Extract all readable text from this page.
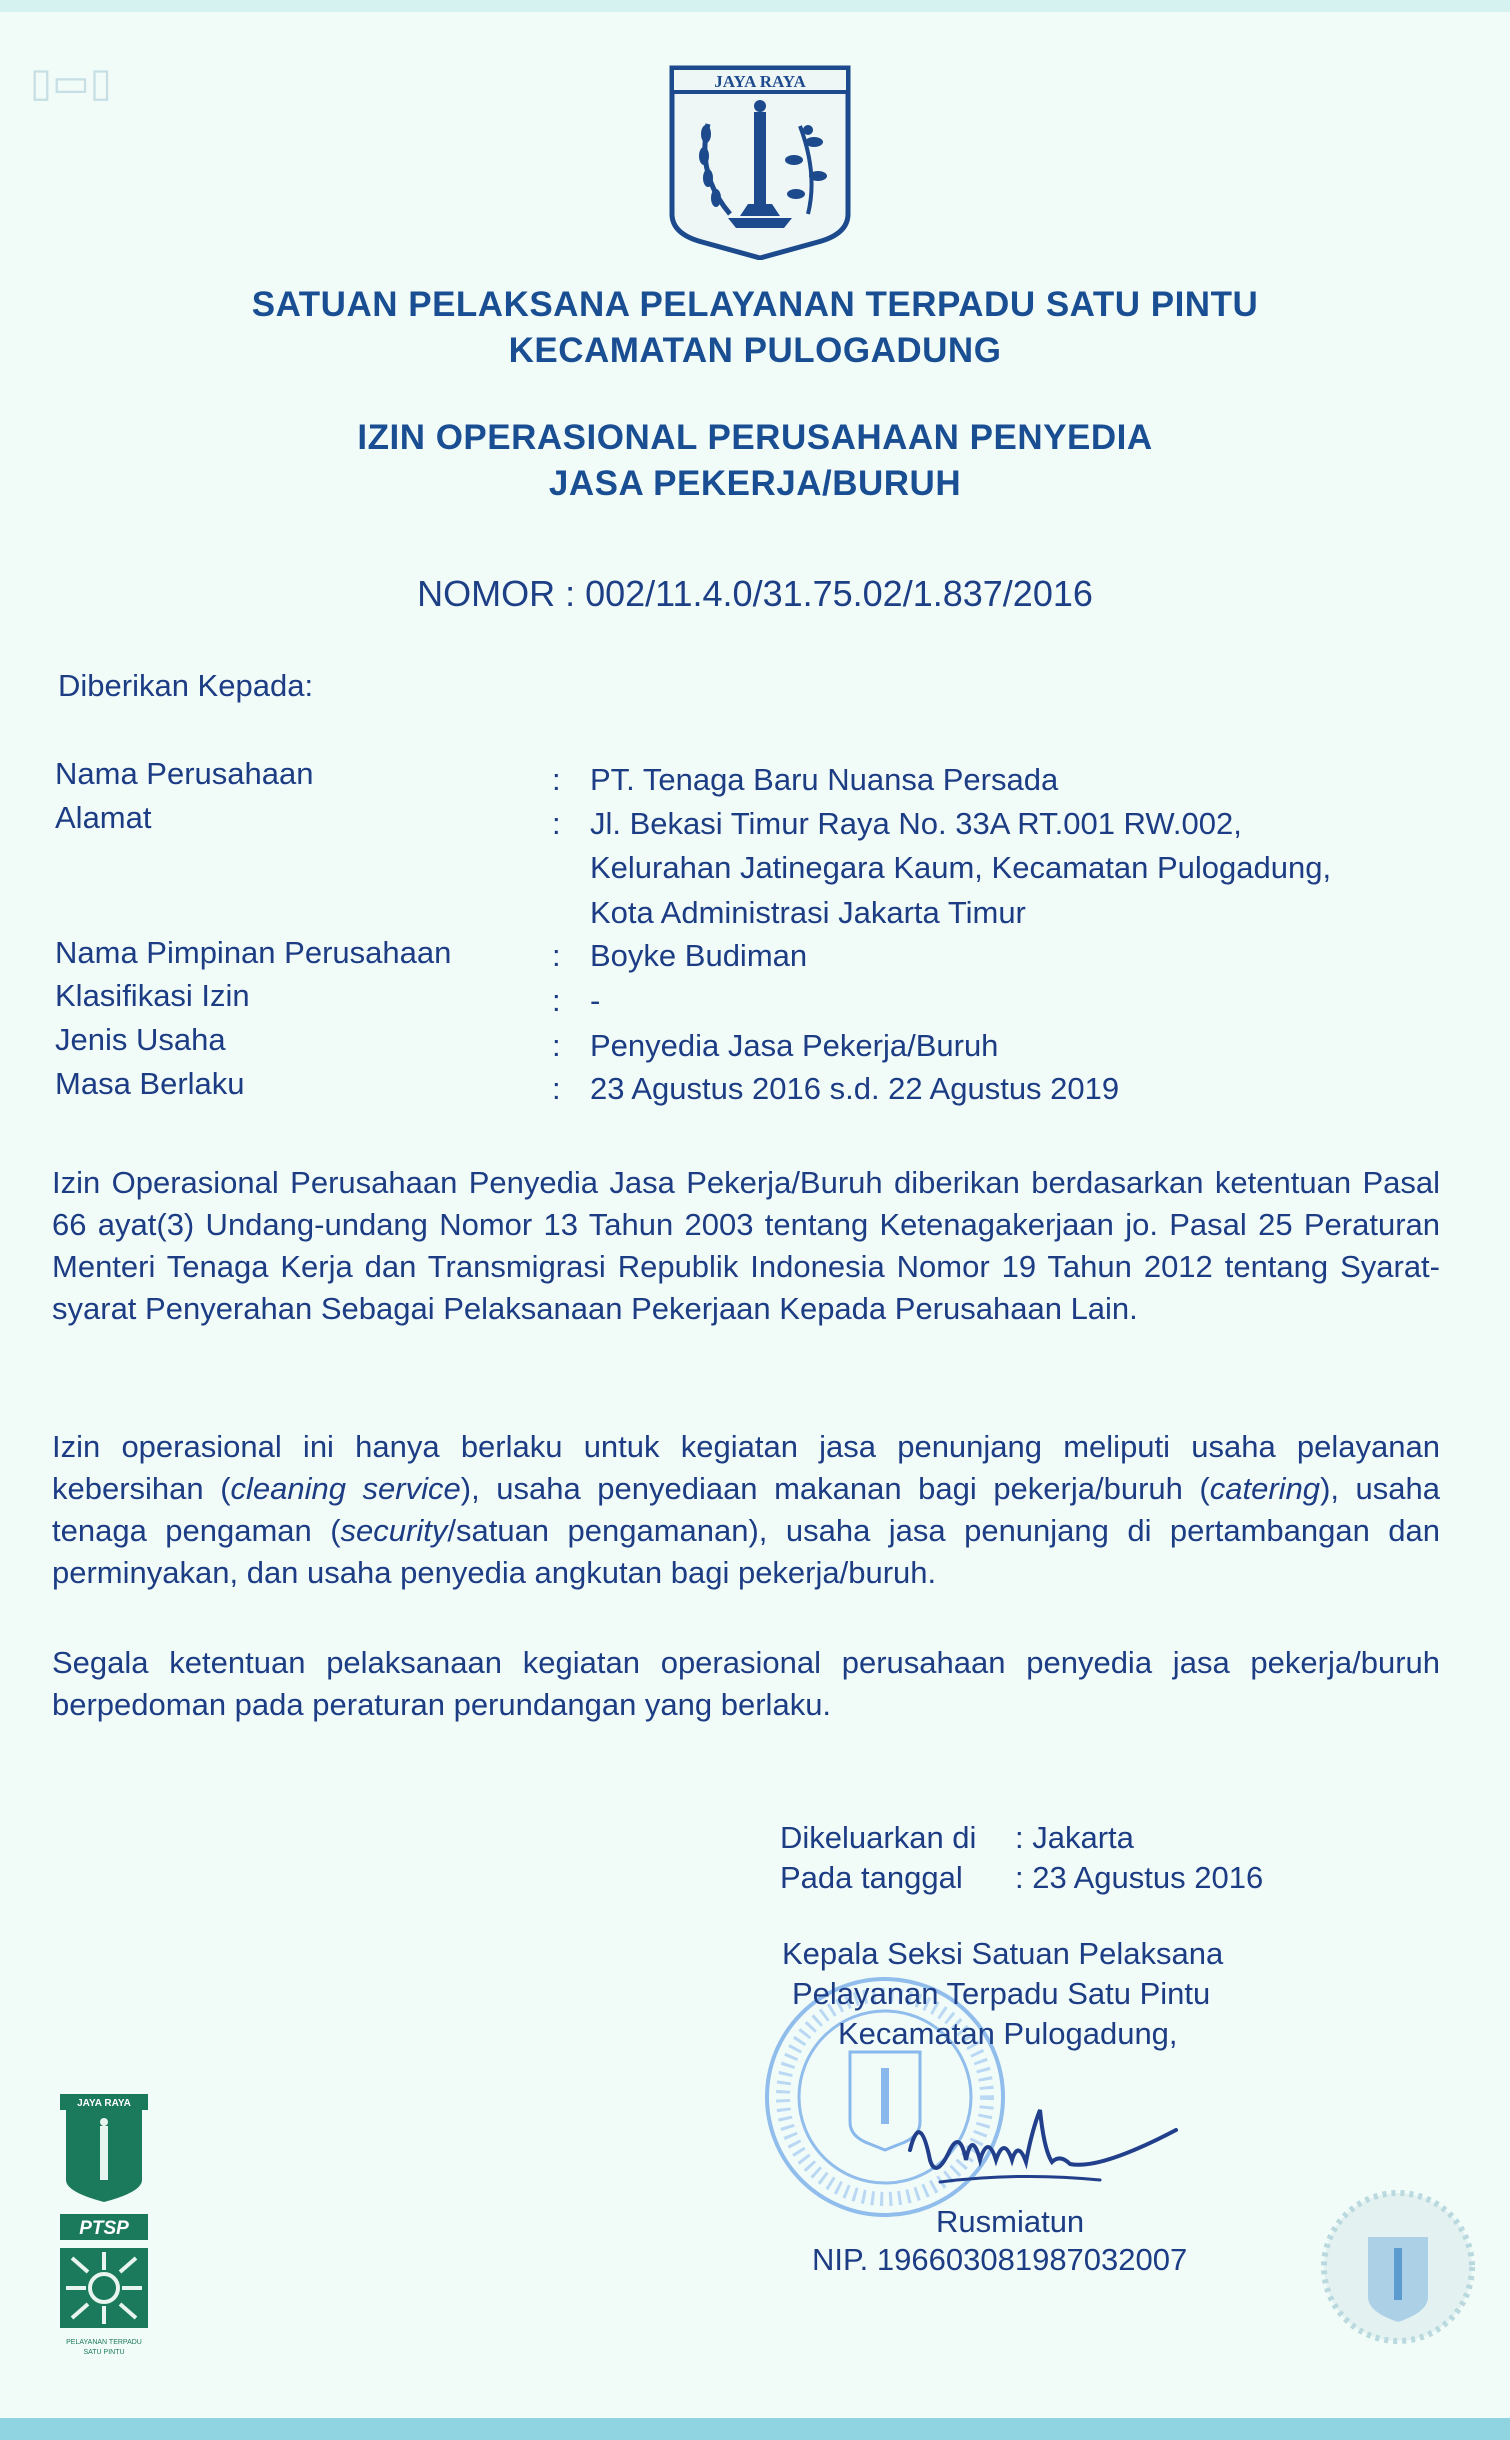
▯▭▯	JAYA RAYA
SATUAN PELAKSANA PELAYANAN TERPADU SATU PINTU
KECAMATAN PULOGADUNG
IZIN OPERASIONAL PERUSAHAAN PENYEDIA
JASA PEKERJA/BURUH
NOMOR : 002/11.4.0/31.75.02/1.837/2016
Diberikan Kepada:
Nama Perusahaan	: PT. Tenaga Baru Nuansa Persada
Alamat	: Jl. Bekasi Timur Raya No. 33A RT.001 RW.002,
Kelurahan Jatinegara Kaum, Kecamatan Pulogadung,
Kota Administrasi Jakarta Timur
Nama Pimpinan Perusahaan	: Boyke Budiman
Klasifikasi Izin	: -
Jenis Usaha	: Penyedia Jasa Pekerja/Buruh
Masa Berlaku	: 23 Agustus 2016 s.d. 22 Agustus 2019
Izin Operasional Perusahaan Penyedia Jasa Pekerja/Buruh diberikan berdasarkan ketentuan Pasal 66 ayat(3) Undang-undang Nomor 13 Tahun 2003 tentang Ketenagakerjaan jo. Pasal 25 Peraturan Menteri Tenaga Kerja dan Transmigrasi Republik Indonesia Nomor 19 Tahun 2012 tentang Syarat-syarat Penyerahan Sebagai Pelaksanaan Pekerjaan Kepada Perusahaan Lain.
Izin operasional ini hanya berlaku untuk kegiatan jasa penunjang meliputi usaha pelayanan kebersihan (cleaning service), usaha penyediaan makanan bagi pekerja/buruh (catering), usaha tenaga pengaman (security/satuan pengamanan), usaha jasa penunjang di pertambangan dan perminyakan, dan usaha penyedia angkutan bagi pekerja/buruh.
Segala ketentuan pelaksanaan kegiatan operasional perusahaan penyedia jasa pekerja/buruh berpedoman pada peraturan perundangan yang berlaku.
Dikeluarkan di : Jakarta
Pada tanggal : 23 Agustus 2016
Kepala Seksi Satuan Pelaksana
Pelayanan Terpadu Satu Pintu
Kecamatan Pulogadung,
Rusmiatun
NIP. 196603081987032007
JAYA RAYA
PTSP
PELAYANAN TERPADU
SATU PINTU
